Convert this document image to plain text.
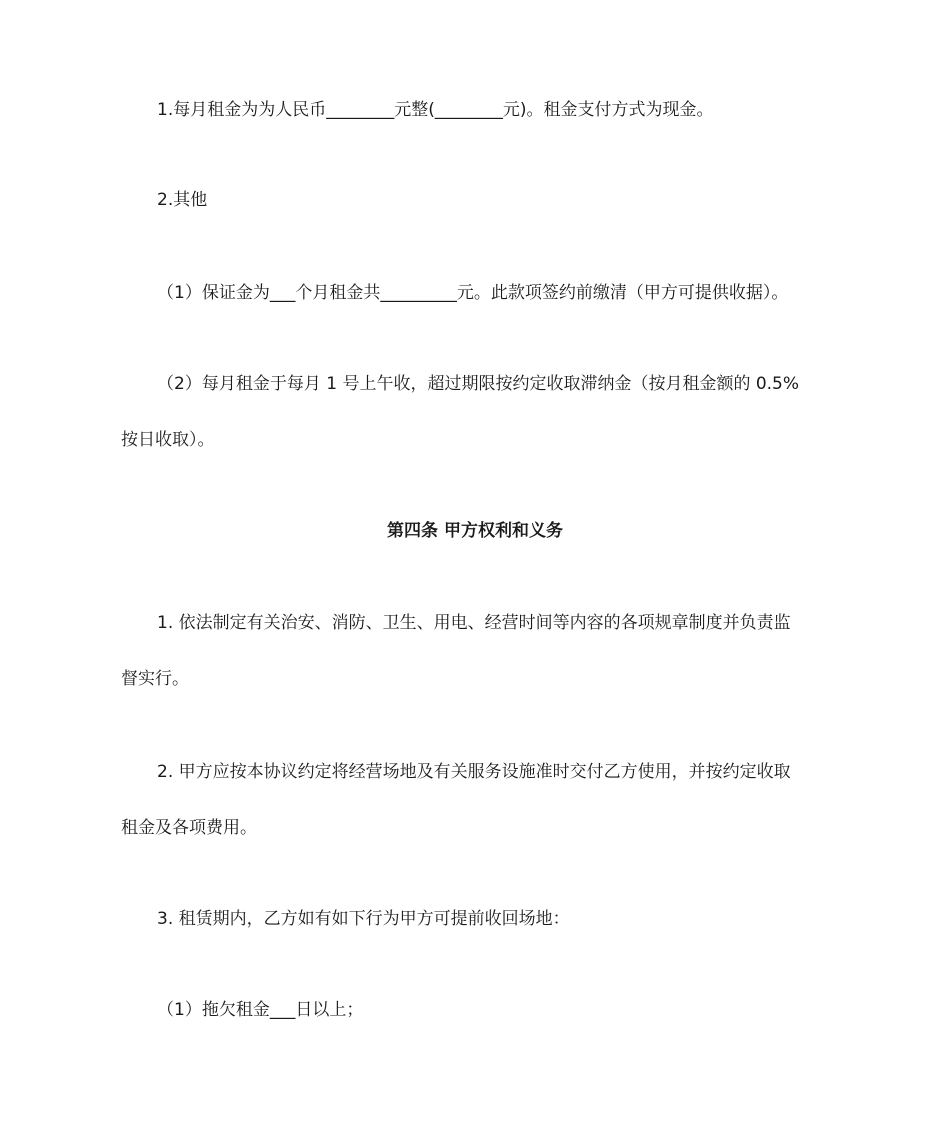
1.每月租金为为人民币________元整(________元)。租金支付方式为现金。
2.其他
（1）保证金为___个月租金共_________元。此款项签约前缴清（甲方可提供收据）。
（2）每月租金于每月 1 号上午收，超过期限按约定收取滞纳金（按月租金额的 0.5%
按日收取）。
第四条 甲方权利和义务
1. 依法制定有关治安、消防、卫生、用电、经营时间等内容的各项规章制度并负责监
督实行。
2. 甲方应按本协议约定将经营场地及有关服务设施准时交付乙方使用，并按约定收取
租金及各项费用。
3. 租赁期内，乙方如有如下行为甲方可提前收回场地：
（1）拖欠租金___日以上；
